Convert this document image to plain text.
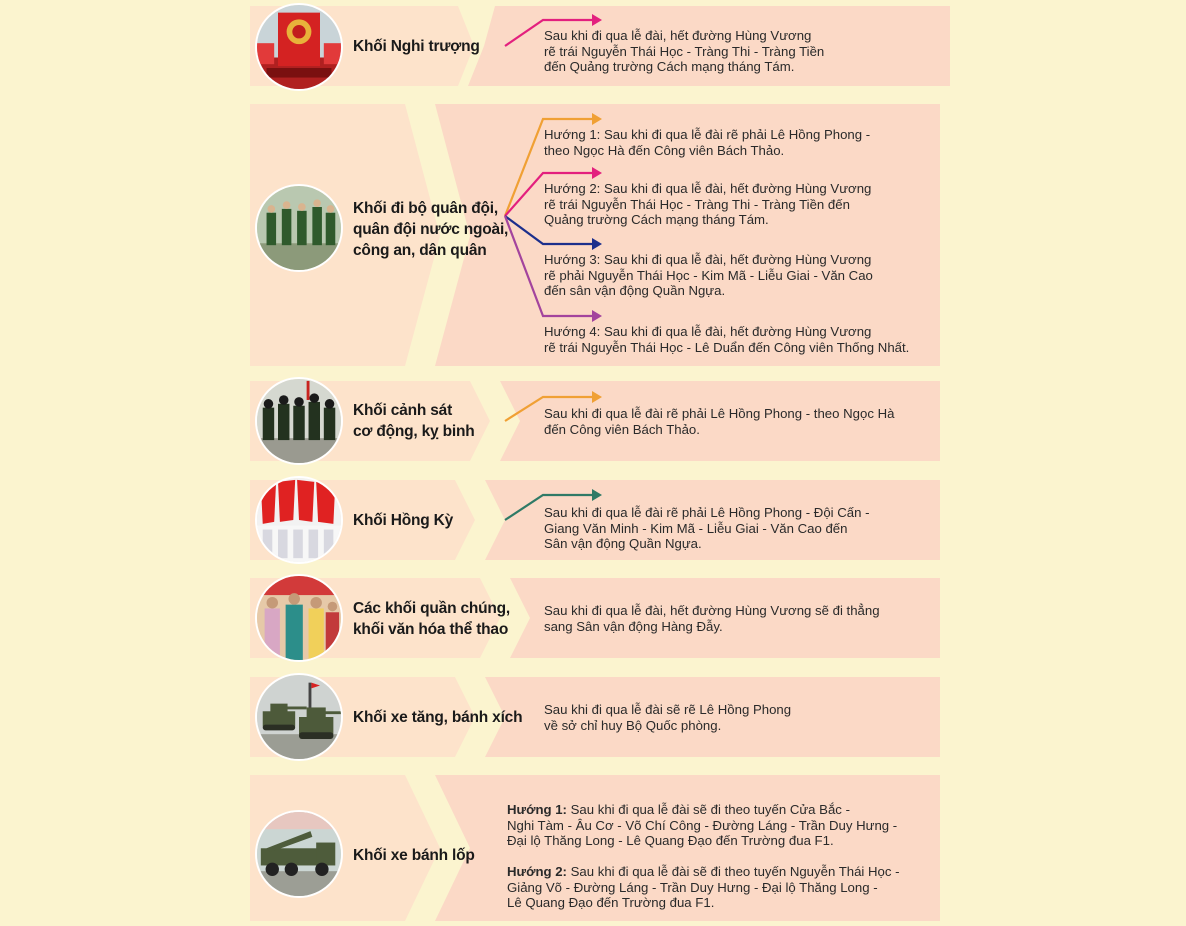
Khối Nghi trượng
Sau khi đi qua lễ đài, hết đường Hùng Vương
rẽ trái Nguyễn Thái Học - Tràng Thi - Tràng Tiền
đến Quảng trường Cách mạng tháng Tám.
Khối đi bộ quân đội,
quân đội nước ngoài,
công an, dân quân
Hướng 1: Sau khi đi qua lễ đài rẽ phải Lê Hồng Phong -
theo Ngọc Hà đến Công viên Bách Thảo.
Hướng 2: Sau khi đi qua lễ đài, hết đường Hùng Vương
rẽ trái Nguyễn Thái Học - Tràng Thi - Tràng Tiền đến
Quảng trường Cách mạng tháng Tám.
Hướng 3: Sau khi đi qua lễ đài, hết đường Hùng Vương
rẽ phải Nguyễn Thái Học - Kim Mã - Liễu Giai - Văn Cao
đến sân vận động Quần Ngựa.
Hướng 4: Sau khi đi qua lễ đài, hết đường Hùng Vương
rẽ trái Nguyễn Thái Học - Lê Duẩn đến Công viên Thống Nhất.
Khối cảnh sát
cơ động, kỵ binh
Sau khi đi qua lễ đài rẽ phải Lê Hồng Phong - theo Ngọc Hà
đến Công viên Bách Thảo.
Khối Hồng Kỳ	Sau khi đi qua lễ đài rẽ phải Lê Hồng Phong - Đội Cấn -
Giang Văn Minh - Kim Mã - Liễu Giai - Văn Cao đến
Sân vận động Quần Ngựa.
Các khối quần chúng,
khối văn hóa thể thao
Sau khi đi qua lễ đài, hết đường Hùng Vương sẽ đi thẳng
sang Sân vận động Hàng Đẫy.
Khối xe tăng, bánh xích Sau khi đi qua lễ đài sẽ rẽ Lê Hồng Phong
về sở chỉ huy Bộ Quốc phòng.
Khối xe bánh lốp
Hướng 1: Sau khi đi qua lễ đài sẽ đi theo tuyến Cửa Bắc -
Nghi Tàm - Âu Cơ - Võ Chí Công - Đường Láng - Trần Duy Hưng -
Đại lộ Thăng Long - Lê Quang Đạo đến Trường đua F1.
Hướng 2: Sau khi đi qua lễ đài sẽ đi theo tuyến Nguyễn Thái Học -
Giảng Võ - Đường Láng - Trần Duy Hưng - Đại lộ Thăng Long -
Lê Quang Đạo đến Trường đua F1.
